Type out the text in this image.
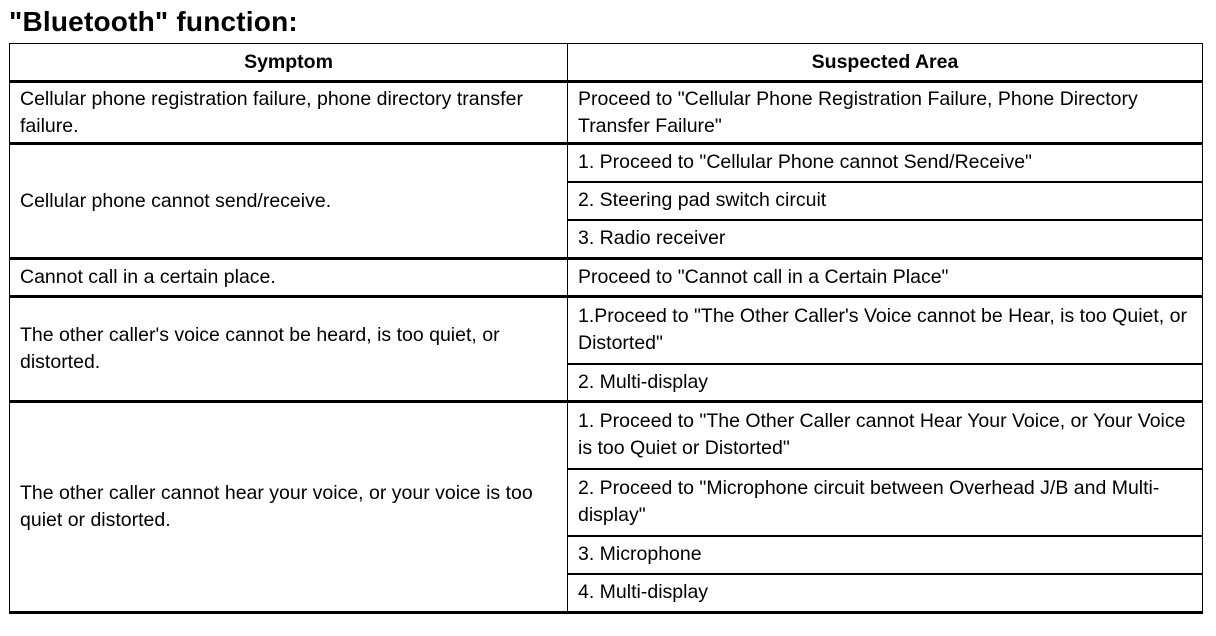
"Bluetooth" function:
Symptom	Suspected Area
Cellular phone registration failure, phone directory transfer failure.	Proceed to "Cellular Phone Registration Failure, Phone Directory Transfer Failure"
Cellular phone cannot send/receive.	1. Proceed to "Cellular Phone cannot Send/Receive"
	2. Steering pad switch circuit
	3. Radio receiver
Cannot call in a certain place.	Proceed to "Cannot call in a Certain Place"
The other caller's voice cannot be heard, is too quiet, or distorted.	1.Proceed to "The Other Caller's Voice cannot be Hear, is too Quiet, or Distorted"
	2. Multi-display
The other caller cannot hear your voice, or your voice is too quiet or distorted.	1. Proceed to "The Other Caller cannot Hear Your Voice, or Your Voice is too Quiet or Distorted"
	2. Proceed to "Microphone circuit between Overhead J/B and Multi-display"
	3. Microphone
	4. Multi-display
